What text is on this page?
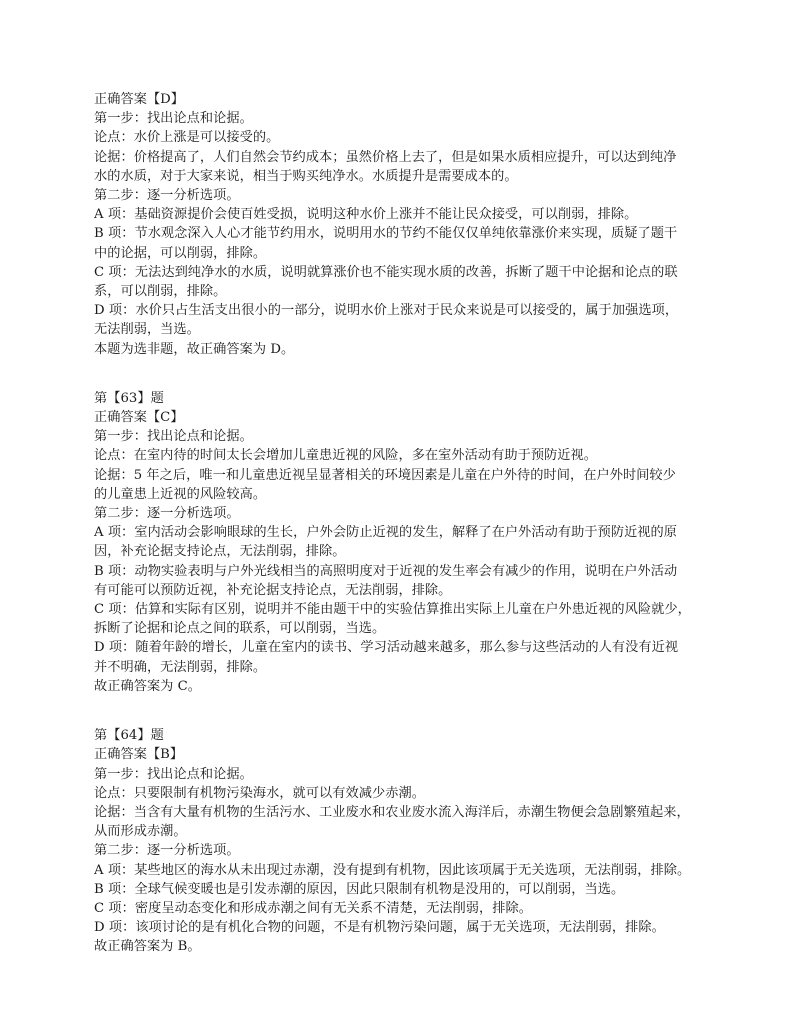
正确答案【D】
第一步：找出论点和论据。
论点：水价上涨是可以接受的。
论据：价格提高了，人们自然会节约成本；虽然价格上去了，但是如果水质相应提升，可以达到纯净
水的水质，对于大家来说，相当于购买纯净水。水质提升是需要成本的。
第二步：逐一分析选项。
A 项：基础资源提价会使百姓受损，说明这种水价上涨并不能让民众接受，可以削弱，排除。
B 项：节水观念深入人心才能节约用水，说明用水的节约不能仅仅单纯依靠涨价来实现，质疑了题干
中的论据，可以削弱，排除。
C 项：无法达到纯净水的水质，说明就算涨价也不能实现水质的改善，拆断了题干中论据和论点的联
系，可以削弱，排除。
D 项：水价只占生活支出很小的一部分，说明水价上涨对于民众来说是可以接受的，属于加强选项，
无法削弱，当选。
本题为选非题，故正确答案为 D。
第【63】题
正确答案【C】
第一步：找出论点和论据。
论点：在室内待的时间太长会增加儿童患近视的风险，多在室外活动有助于预防近视。
论据：5 年之后，唯一和儿童患近视呈显著相关的环境因素是儿童在户外待的时间，在户外时间较少
的儿童患上近视的风险较高。
第二步：逐一分析选项。
A 项：室内活动会影响眼球的生长，户外会防止近视的发生，解释了在户外活动有助于预防近视的原
因，补充论据支持论点，无法削弱，排除。
B 项：动物实验表明与户外光线相当的高照明度对于近视的发生率会有减少的作用，说明在户外活动
有可能可以预防近视，补充论据支持论点，无法削弱，排除。
C 项：估算和实际有区别，说明并不能由题干中的实验估算推出实际上儿童在户外患近视的风险就少，
拆断了论据和论点之间的联系，可以削弱，当选。
D 项：随着年龄的增长，儿童在室内的读书、学习活动越来越多，那么参与这些活动的人有没有近视
并不明确，无法削弱，排除。
故正确答案为 C。
第【64】题
正确答案【B】
第一步：找出论点和论据。
论点：只要限制有机物污染海水，就可以有效减少赤潮。
论据：当含有大量有机物的生活污水、工业废水和农业废水流入海洋后，赤潮生物便会急剧繁殖起来，
从而形成赤潮。
第二步：逐一分析选项。
A 项：某些地区的海水从未出现过赤潮，没有提到有机物，因此该项属于无关选项，无法削弱，排除。
B 项：全球气候变暖也是引发赤潮的原因，因此只限制有机物是没用的，可以削弱，当选。
C 项：密度呈动态变化和形成赤潮之间有无关系不清楚，无法削弱，排除。
D 项：该项讨论的是有机化合物的问题，不是有机物污染问题，属于无关选项，无法削弱，排除。
故正确答案为 B。
